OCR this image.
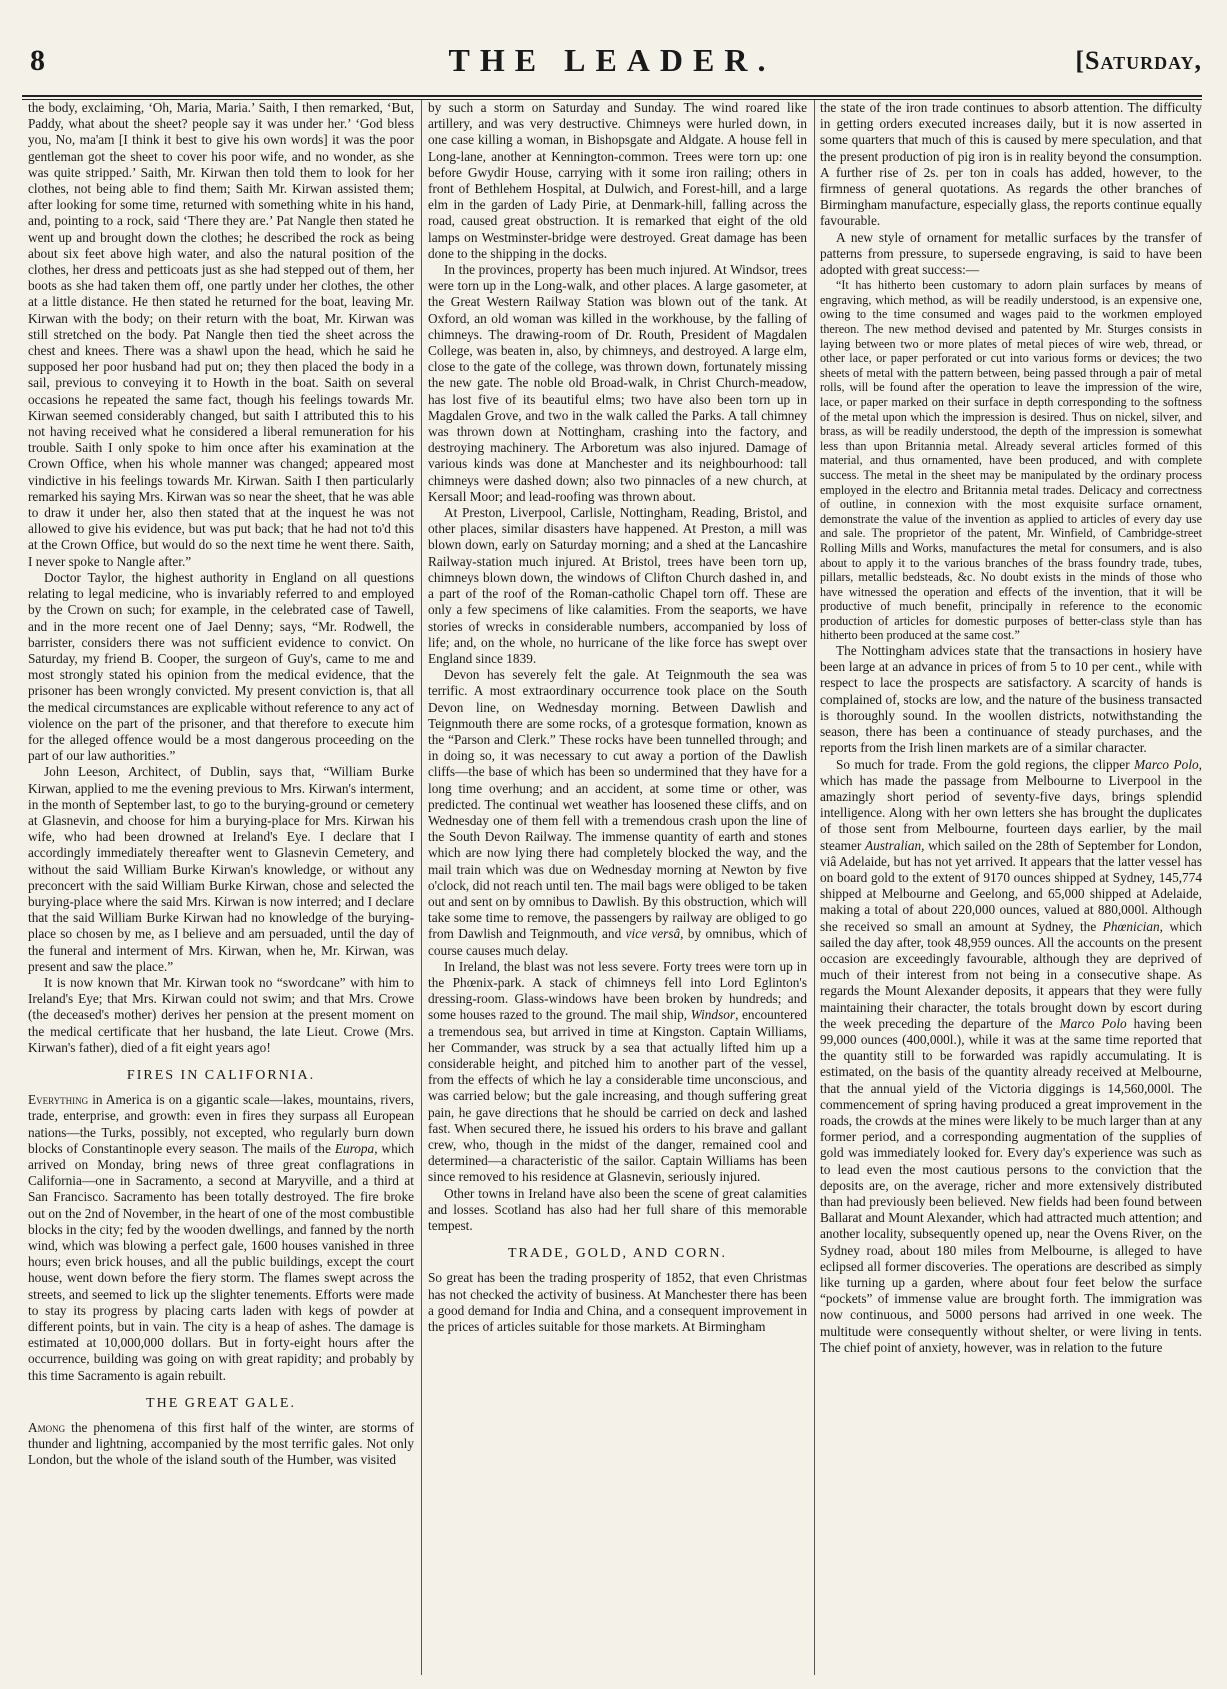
8	THE LEADER.	[Saturday,

the body, exclaiming, ‘Oh, Maria, Maria.’ Saith, I then remarked, ‘But, Paddy, what about the sheet? people say it was under her.’ ‘God bless you, No, ma'am [I think it best to give his own words] it was the poor gentleman got the sheet to cover his poor wife, and no wonder, as she was quite stripped.’ Saith, Mr. Kirwan then told them to look for her clothes, not being able to find them; Saith Mr. Kirwan assisted them; after looking for some time, returned with something white in his hand, and, pointing to a rock, said ‘There they are.’ Pat Nangle then stated he went up and brought down the clothes; he described the rock as being about six feet above high water, and also the natural position of the clothes, her dress and petticoats just as she had stepped out of them, her boots as she had taken them off, one partly under her clothes, the other at a little distance. He then stated he returned for the boat, leaving Mr. Kirwan with the body; on their return with the boat, Mr. Kirwan was still stretched on the body. Pat Nangle then tied the sheet across the chest and knees. There was a shawl upon the head, which he said he supposed her poor husband had put on; they then placed the body in a sail, previous to conveying it to Howth in the boat. Saith on several occasions he repeated the same fact, though his feelings towards Mr. Kirwan seemed considerably changed, but saith I attributed this to his not having received what he considered a liberal remuneration for his trouble. Saith I only spoke to him once after his examination at the Crown Office, when his whole manner was changed; appeared most vindictive in his feelings towards Mr. Kirwan. Saith I then particularly remarked his saying Mrs. Kirwan was so near the sheet, that he was able to draw it under her, also then stated that at the inquest he was not allowed to give his evidence, but was put back; that he had not to'd this at the Crown Office, but would do so the next time he went there. Saith, I never spoke to Nangle after.”

Doctor Taylor, the highest authority in England on all questions relating to legal medicine, who is invariably referred to and employed by the Crown on such; for example, in the celebrated case of Tawell, and in the more recent one of Jael Denny; says, “Mr. Rodwell, the barrister, considers there was not sufficient evidence to convict. On Saturday, my friend B. Cooper, the surgeon of Guy's, came to me and most strongly stated his opinion from the medical evidence, that the prisoner has been wrongly convicted. My present conviction is, that all the medical circumstances are explicable without reference to any act of violence on the part of the prisoner, and that therefore to execute him for the alleged offence would be a most dangerous proceeding on the part of our law authorities.”

John Leeson, Architect, of Dublin, says that, “William Burke Kirwan, applied to me the evening previous to Mrs. Kirwan's interment, in the month of September last, to go to the burying-ground or cemetery at Glasnevin, and choose for him a burying-place for Mrs. Kirwan his wife, who had been drowned at Ireland's Eye. I declare that I accordingly immediately thereafter went to Glasnevin Cemetery, and without the said William Burke Kirwan's knowledge, or without any preconcert with the said William Burke Kirwan, chose and selected the burying-place where the said Mrs. Kirwan is now interred; and I declare that the said William Burke Kirwan had no knowledge of the burying-place so chosen by me, as I believe and am persuaded, until the day of the funeral and interment of Mrs. Kirwan, when he, Mr. Kirwan, was present and saw the place.”

It is now known that Mr. Kirwan took no “swordcane” with him to Ireland's Eye; that Mrs. Kirwan could not swim; and that Mrs. Crowe (the deceased's mother) derives her pension at the present moment on the medical certificate that her husband, the late Lieut. Crowe (Mrs. Kirwan's father), died of a fit eight years ago!

FIRES IN CALIFORNIA.

Everything in America is on a gigantic scale—lakes, mountains, rivers, trade, enterprise, and growth: even in fires they surpass all European nations—the Turks, possibly, not excepted, who regularly burn down blocks of Constantinople every season. The mails of the Europa, which arrived on Monday, bring news of three great conflagrations in California—one in Sacramento, a second at Maryville, and a third at San Francisco. Sacramento has been totally destroyed. The fire broke out on the 2nd of November, in the heart of one of the most combustible blocks in the city; fed by the wooden dwellings, and fanned by the north wind, which was blowing a perfect gale, 1600 houses vanished in three hours; even brick houses, and all the public buildings, except the court house, went down before the fiery storm. The flames swept across the streets, and seemed to lick up the slighter tenements. Efforts were made to stay its progress by placing carts laden with kegs of powder at different points, but in vain. The city is a heap of ashes. The damage is estimated at 10,000,000 dollars. But in forty-eight hours after the occurrence, building was going on with great rapidity; and probably by this time Sacramento is again rebuilt.

THE GREAT GALE.

Among the phenomena of this first half of the winter, are storms of thunder and lightning, accompanied by the most terrific gales. Not only London, but the whole of the island south of the Humber, was visited

by such a storm on Saturday and Sunday. The wind roared like artillery, and was very destructive. Chimneys were hurled down, in one case killing a woman, in Bishopsgate and Aldgate. A house fell in Long-lane, another at Kennington-common. Trees were torn up: one before Gwydir House, carrying with it some iron railing; others in front of Bethlehem Hospital, at Dulwich, and Forest-hill, and a large elm in the garden of Lady Pirie, at Denmark-hill, falling across the road, caused great obstruction. It is remarked that eight of the old lamps on Westminster-bridge were destroyed. Great damage has been done to the shipping in the docks.

In the provinces, property has been much injured. At Windsor, trees were torn up in the Long-walk, and other places. A large gasometer, at the Great Western Railway Station was blown out of the tank. At Oxford, an old woman was killed in the workhouse, by the falling of chimneys. The drawing-room of Dr. Routh, President of Magdalen College, was beaten in, also, by chimneys, and destroyed. A large elm, close to the gate of the college, was thrown down, fortunately missing the new gate. The noble old Broad-walk, in Christ Church-meadow, has lost five of its beautiful elms; two have also been torn up in Magdalen Grove, and two in the walk called the Parks. A tall chimney was thrown down at Nottingham, crashing into the factory, and destroying machinery. The Arboretum was also injured. Damage of various kinds was done at Manchester and its neighbourhood: tall chimneys were dashed down; also two pinnacles of a new church, at Kersall Moor; and lead-roofing was thrown about.

At Preston, Liverpool, Carlisle, Nottingham, Reading, Bristol, and other places, similar disasters have happened. At Preston, a mill was blown down, early on Saturday morning; and a shed at the Lancashire Railway-station much injured. At Bristol, trees have been torn up, chimneys blown down, the windows of Clifton Church dashed in, and a part of the roof of the Roman-catholic Chapel torn off. These are only a few specimens of like calamities. From the seaports, we have stories of wrecks in considerable numbers, accompanied by loss of life; and, on the whole, no hurricane of the like force has swept over England since 1839.

Devon has severely felt the gale. At Teignmouth the sea was terrific. A most extraordinary occurrence took place on the South Devon line, on Wednesday morning. Between Dawlish and Teignmouth there are some rocks, of a grotesque formation, known as the “Parson and Clerk.” These rocks have been tunnelled through; and in doing so, it was necessary to cut away a portion of the Dawlish cliffs—the base of which has been so undermined that they have for a long time overhung; and an accident, at some time or other, was predicted. The continual wet weather has loosened these cliffs, and on Wednesday one of them fell with a tremendous crash upon the line of the South Devon Railway. The immense quantity of earth and stones which are now lying there had completely blocked the way, and the mail train which was due on Wednesday morning at Newton by five o'clock, did not reach until ten. The mail bags were obliged to be taken out and sent on by omnibus to Dawlish. By this obstruction, which will take some time to remove, the passengers by railway are obliged to go from Dawlish and Teignmouth, and vice versâ, by omnibus, which of course causes much delay.

In Ireland, the blast was not less severe. Forty trees were torn up in the Phœnix-park. A stack of chimneys fell into Lord Eglinton's dressing-room. Glass-windows have been broken by hundreds; and some houses razed to the ground. The mail ship, Windsor, encountered a tremendous sea, but arrived in time at Kingston. Captain Williams, her Commander, was struck by a sea that actually lifted him up a considerable height, and pitched him to another part of the vessel, from the effects of which he lay a considerable time unconscious, and was carried below; but the gale increasing, and though suffering great pain, he gave directions that he should be carried on deck and lashed fast. When secured there, he issued his orders to his brave and gallant crew, who, though in the midst of the danger, remained cool and determined—a characteristic of the sailor. Captain Williams has been since removed to his residence at Glasnevin, seriously injured.

Other towns in Ireland have also been the scene of great calamities and losses. Scotland has also had her full share of this memorable tempest.

TRADE, GOLD, AND CORN.

So great has been the trading prosperity of 1852, that even Christmas has not checked the activity of business. At Manchester there has been a good demand for India and China, and a consequent improvement in the prices of articles suitable for those markets. At Birmingham

the state of the iron trade continues to absorb attention. The difficulty in getting orders executed increases daily, but it is now asserted in some quarters that much of this is caused by mere speculation, and that the present production of pig iron is in reality beyond the consumption. A further rise of 2s. per ton in coals has added, however, to the firmness of general quotations. As regards the other branches of Birmingham manufacture, especially glass, the reports continue equally favourable.

A new style of ornament for metallic surfaces by the transfer of patterns from pressure, to supersede engraving, is said to have been adopted with great success:—

“It has hitherto been customary to adorn plain surfaces by means of engraving, which method, as will be readily understood, is an expensive one, owing to the time consumed and wages paid to the workmen employed thereon. The new method devised and patented by Mr. Sturges consists in laying between two or more plates of metal pieces of wire web, thread, or other lace, or paper perforated or cut into various forms or devices; the two sheets of metal with the pattern between, being passed through a pair of metal rolls, will be found after the operation to leave the impression of the wire, lace, or paper marked on their surface in depth corresponding to the softness of the metal upon which the impression is desired. Thus on nickel, silver, and brass, as will be readily understood, the depth of the impression is somewhat less than upon Britannia metal. Already several articles formed of this material, and thus ornamented, have been produced, and with complete success. The metal in the sheet may be manipulated by the ordinary process employed in the electro and Britannia metal trades. Delicacy and correctness of outline, in connexion with the most exquisite surface ornament, demonstrate the value of the invention as applied to articles of every day use and sale. The proprietor of the patent, Mr. Winfield, of Cambridge-street Rolling Mills and Works, manufactures the metal for consumers, and is also about to apply it to the various branches of the brass foundry trade, tubes, pillars, metallic bedsteads, &c. No doubt exists in the minds of those who have witnessed the operation and effects of the invention, that it will be productive of much benefit, principally in reference to the economic production of articles for domestic purposes of better-class style than has hitherto been produced at the same cost.”

The Nottingham advices state that the transactions in hosiery have been large at an advance in prices of from 5 to 10 per cent., while with respect to lace the prospects are satisfactory. A scarcity of hands is complained of, stocks are low, and the nature of the business transacted is thoroughly sound. In the woollen districts, notwithstanding the season, there has been a continuance of steady purchases, and the reports from the Irish linen markets are of a similar character.

So much for trade. From the gold regions, the clipper Marco Polo, which has made the passage from Melbourne to Liverpool in the amazingly short period of seventy-five days, brings splendid intelligence. Along with her own letters she has brought the duplicates of those sent from Melbourne, fourteen days earlier, by the mail steamer Australian, which sailed on the 28th of September for London, viâ Adelaide, but has not yet arrived. It appears that the latter vessel has on board gold to the extent of 9170 ounces shipped at Sydney, 145,774 shipped at Melbourne and Geelong, and 65,000 shipped at Adelaide, making a total of about 220,000 ounces, valued at 880,000l. Although she received so small an amount at Sydney, the Phœnician, which sailed the day after, took 48,959 ounces. All the accounts on the present occasion are exceedingly favourable, although they are deprived of much of their interest from not being in a consecutive shape. As regards the Mount Alexander deposits, it appears that they were fully maintaining their character, the totals brought down by escort during the week preceding the departure of the Marco Polo having been 99,000 ounces (400,000l.), while it was at the same time reported that the quantity still to be forwarded was rapidly accumulating. It is estimated, on the basis of the quantity already received at Melbourne, that the annual yield of the Victoria diggings is 14,560,000l. The commencement of spring having produced a great improvement in the roads, the crowds at the mines were likely to be much larger than at any former period, and a corresponding augmentation of the supplies of gold was immediately looked for. Every day's experience was such as to lead even the most cautious persons to the conviction that the deposits are, on the average, richer and more extensively distributed than had previously been believed. New fields had been found between Ballarat and Mount Alexander, which had attracted much attention; and another locality, subsequently opened up, near the Ovens River, on the Sydney road, about 180 miles from Melbourne, is alleged to have eclipsed all former discoveries. The operations are described as simply like turning up a garden, where about four feet below the surface “pockets” of immense value are brought forth. The immigration was now continuous, and 5000 persons had arrived in one week. The multitude were consequently without shelter, or were living in tents. The chief point of anxiety, however, was in relation to the future
